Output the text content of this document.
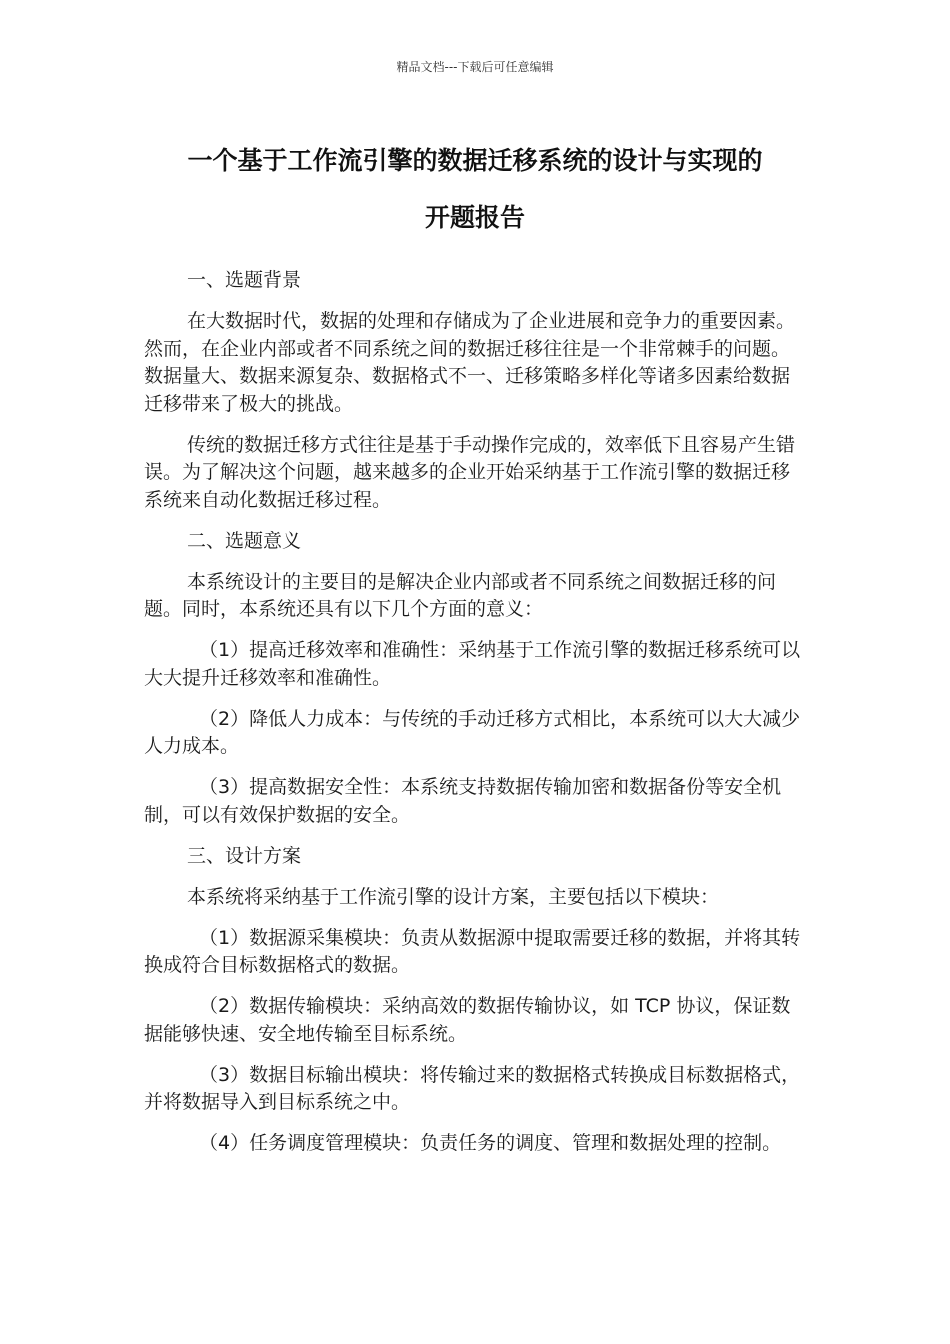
精品文档---下载后可任意编辑
一个基于工作流引擎的数据迁移系统的设计与实现的
开题报告

一、选题背景

在大数据时代，数据的处理和存储成为了企业进展和竞争力的重要因素。然而，在企业内部或者不同系统之间的数据迁移往往是一个非常棘手的问题。数据量大、数据来源复杂、数据格式不一、迁移策略多样化等诸多因素给数据迁移带来了极大的挑战。

传统的数据迁移方式往往是基于手动操作完成的，效率低下且容易产生错误。为了解决这个问题，越来越多的企业开始采纳基于工作流引擎的数据迁移系统来自动化数据迁移过程。

二、选题意义

本系统设计的主要目的是解决企业内部或者不同系统之间数据迁移的问题。同时，本系统还具有以下几个方面的意义：

（1）提高迁移效率和准确性：采纳基于工作流引擎的数据迁移系统可以大大提升迁移效率和准确性。

（2）降低人力成本：与传统的手动迁移方式相比，本系统可以大大减少人力成本。

（3）提高数据安全性：本系统支持数据传输加密和数据备份等安全机制，可以有效保护数据的安全。

三、设计方案

本系统将采纳基于工作流引擎的设计方案，主要包括以下模块：

（1）数据源采集模块：负责从数据源中提取需要迁移的数据，并将其转换成符合目标数据格式的数据。

（2）数据传输模块：采纳高效的数据传输协议，如 TCP 协议，保证数据能够快速、安全地传输至目标系统。

（3）数据目标输出模块：将传输过来的数据格式转换成目标数据格式，并将数据导入到目标系统之中。

（4）任务调度管理模块：负责任务的调度、管理和数据处理的控制。
